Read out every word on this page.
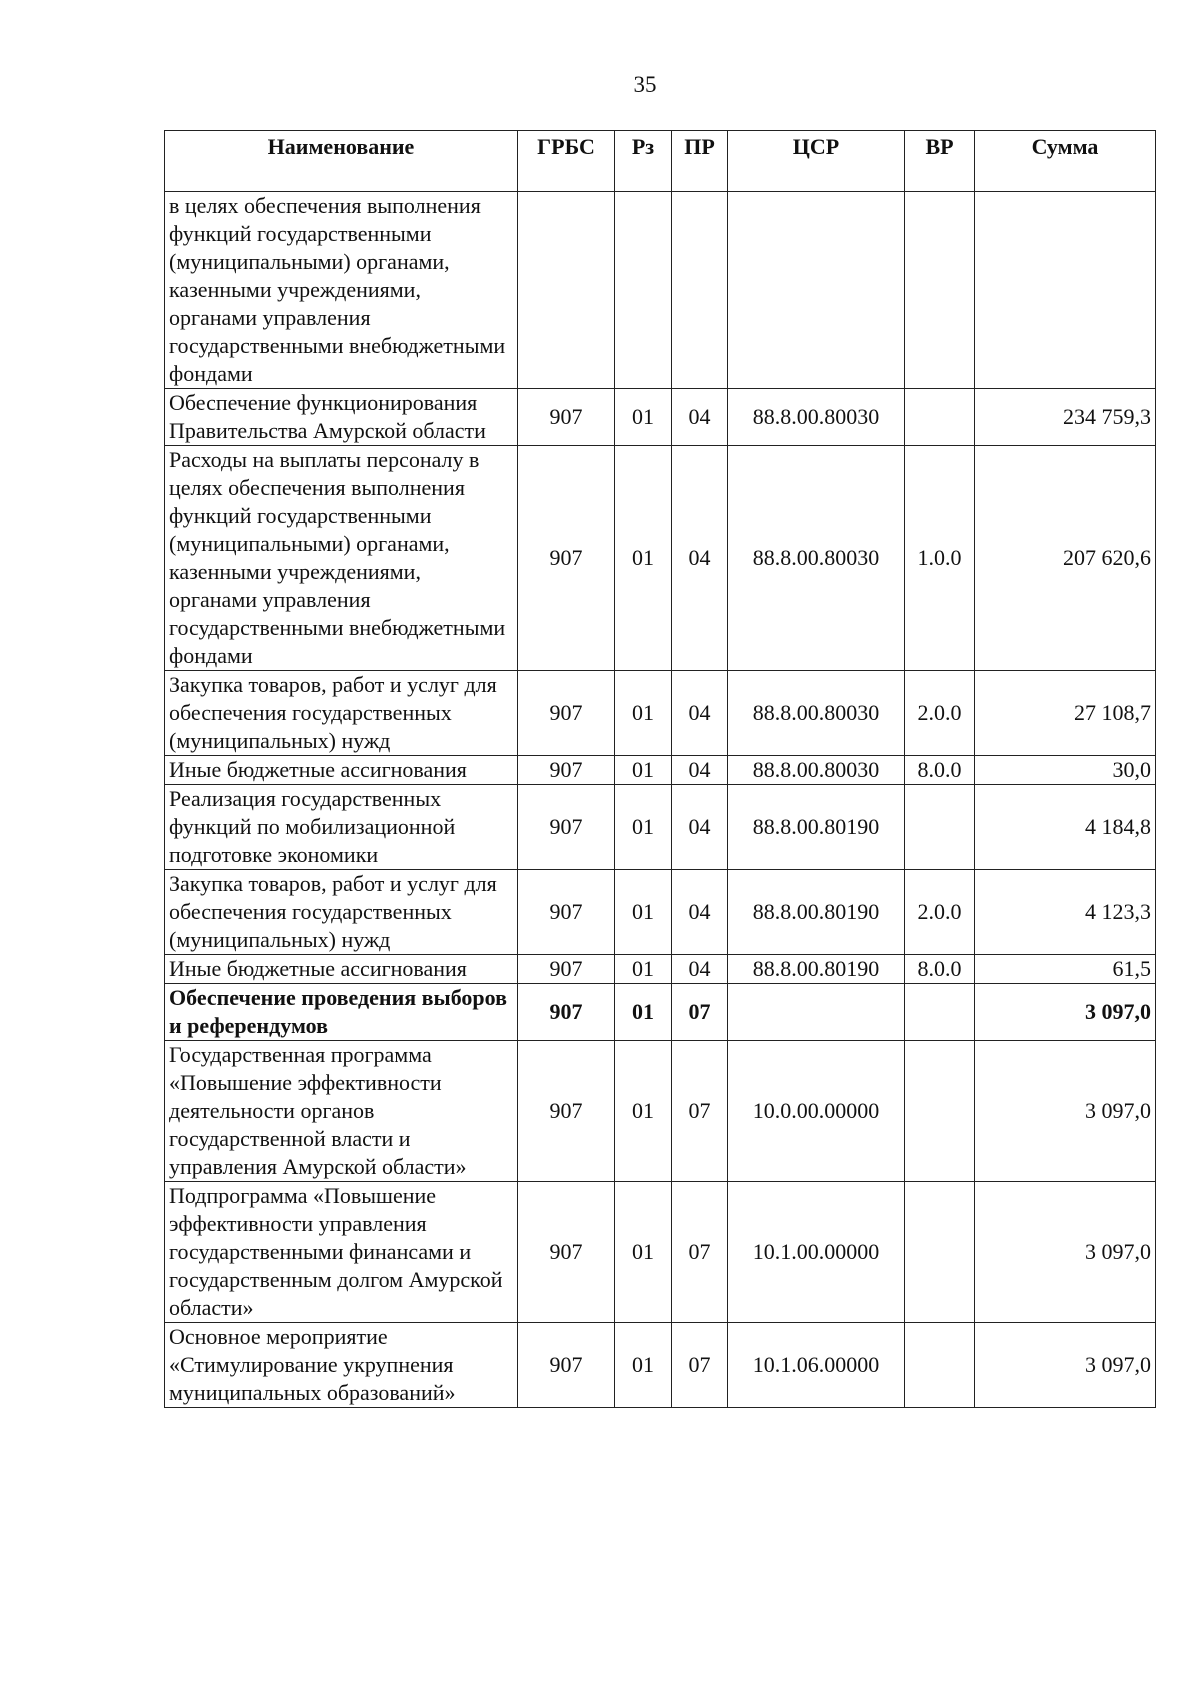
35
Наименование	ГРБС	Рз	ПР	ЦСР	ВР	Сумма
в целях обеспечения выполнения функций государственными (муниципальными) органами, казенными учреждениями, органами управления государственными внебюджетными фондами						
Обеспечение функционирования Правительства Амурской области	907	01	04	88.8.00.80030		234 759,3
Расходы на выплаты персоналу в целях обеспечения выполнения функций государственными (муниципальными) органами, казенными учреждениями, органами управления государственными внебюджетными фондами	907	01	04	88.8.00.80030	1.0.0	207 620,6
Закупка товаров, работ и услуг для обеспечения государственных (муниципальных) нужд	907	01	04	88.8.00.80030	2.0.0	27 108,7
Иные бюджетные ассигнования	907	01	04	88.8.00.80030	8.0.0	30,0
Реализация государственных функций по мобилизационной подготовке экономики	907	01	04	88.8.00.80190		4 184,8
Закупка товаров, работ и услуг для обеспечения государственных (муниципальных) нужд	907	01	04	88.8.00.80190	2.0.0	4 123,3
Иные бюджетные ассигнования	907	01	04	88.8.00.80190	8.0.0	61,5
Обеспечение проведения выборов и референдумов	907	01	07			3 097,0
Государственная программа «Повышение эффективности деятельности органов государственной власти и управления Амурской области»	907	01	07	10.0.00.00000		3 097,0
Подпрограмма «Повышение эффективности управления государственными финансами и государственным долгом Амурской области»	907	01	07	10.1.00.00000		3 097,0
Основное мероприятие «Стимулирование укрупнения муниципальных образований»	907	01	07	10.1.06.00000		3 097,0
